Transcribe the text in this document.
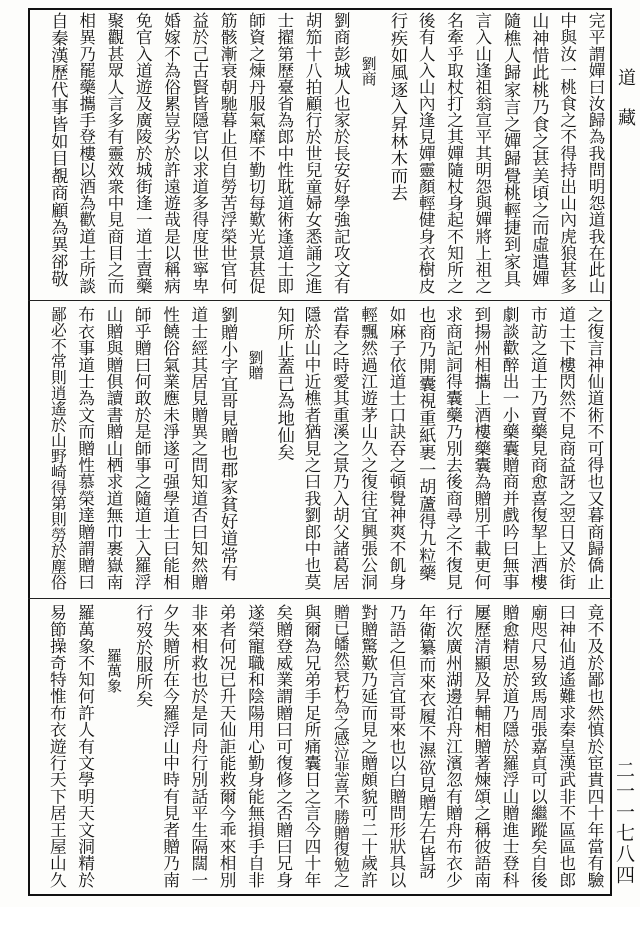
道藏
二一一七八四
完平謂嬋曰汝歸為我問明怨道我在此山
中與汝一桃食之不得持出山內虎狼甚多
山神惜此桃乃食之甚美頃之而虛遣嬋
隨樵人歸家言之嬋歸覺桃輕捷到家具
言入山逢祖翁宣平其明怨與嬋將上祖之
名牽乎取杖打之其嬋隨杖身起不知所之
後有人入山內逢見嬋靈顏輕健身衣樹皮
行疾如風逐入昇林木而去
劉商
劉商彭城人也家於長安好學強記攻文有
胡笳十八拍顧行於世兒童婦女悉誦之進
士擢第歷臺省為郎中性耽道術逢道士即
師資之煉丹服氣靡不勤切每歎光景甚促
筋骸漸衰朝馳暮止但自勞苦浮榮世官何
益於己古賢皆隱官以求道多得度世寧卑
婚嫁不為俗累豈劣於許遠遊哉是以稱病
免官入道遊及廣陵於城街逢一道士賣藥
聚觀甚眾人言多有靈效衆中見商目之而
相異乃罷藥攜手登樓以酒為歡道士所談
自秦漢歷代事皆如目覩商顧為異郤敬
之復言神仙道術不可得也又暮商歸僑止
道士下樓閃然不見商益訝之翌日又於街
市訪之道士乃賣藥見商愈喜復挈上酒樓
劇談歡醉出一小藥囊贈商并戲吟曰無事
到揚州相攜上酒樓藥囊為贈別千載更何
求商記詞得囊藥乃別去後商尋之不復見
也商乃開囊視重紙裹一胡蘆得九粒藥
如麻子依道士口訣吞之頓覺神爽不飢身
輕飄然過江遊茅山久之復往宜興張公洞
當春之時愛其重溪之景乃入胡父諸葛居
隱於山中近樵者猶見之曰我劉郎中也莫
知所止蓋已為地仙矣
劉贈
劉贈小字宜哥見贈也郡家貧好道常有
道士經其居見贈異之問知道否曰知然贈
性饒俗氣業應未淨遂可强學道士曰能相
師乎贈曰何敢於是師事之隨道士入羅浮
山贈與贈俱讀書贈山栖求道無巾裹嶽南
布衣事道士為文而贈性慕榮達贈謂贈曰
鄙必不常則逍遙於山野崎得第則勞於塵俗
竟不及於鄙也然慎於宦貴四十年當有驗
曰神仙逍遙難求秦皇漢武非不區區也郎
廟咫尺易致馬周張嘉貞可以繼蹤矣自後
贈愈精思於道乃隱於羅浮山贈進士登科
屢歷清顯及昇輔相贈著煉頌之稱彼語南
行次廣州湖邊泊舟江濱忽有贈舟布衣少
年衛纂而來衣履不濕欲見贈左右皆訝
乃語之但言宜哥來也以白贈問形狀具以
對贈驚歎乃延而見之贈頗貌可二十歲許
贈已皤然衰朽為之感泣悲喜不勝贈復勉之
與爾為兄弟手足所痛囊日之言今四十年
矣贈登威業謂贈曰可復修之否贈曰兄身
遂榮寵職和陰陽用心勤身能無損手自非
弟者何况已升天仙詎能救爾今乖來相別
非來相救也於是同舟行別話平生隔闊一
夕失贈所在今羅浮山中時有見者贈乃南
行歿於服所矣
羅萬象
羅萬象不知何許人有文學明天文洞精於
易節操奇特惟布衣遊行天下居王屋山久
